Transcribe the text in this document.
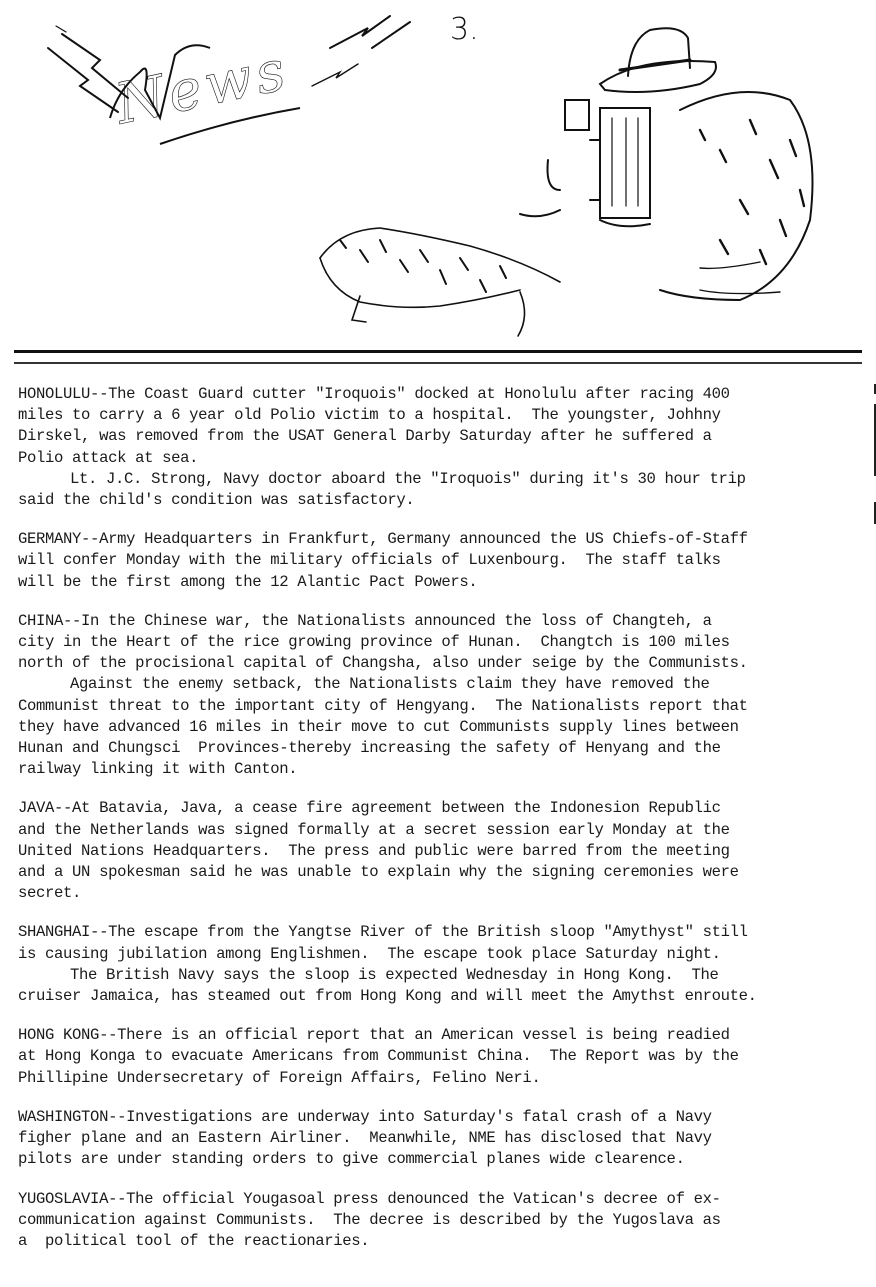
News
3.

HONOLULU--The Coast Guard cutter "Iroquois" docked at Honolulu after racing 400

miles to carry a 6 year old Polio victim to a hospital.  The youngster, Johhny

Dirskel, was removed from the USAT General Darby Saturday after he suffered a

Polio attack at sea.

Lt. J.C. Strong, Navy doctor aboard the "Iroquois" during it's 30 hour trip

said the child's condition was satisfactory.

GERMANY--Army Headquarters in Frankfurt, Germany announced the US Chiefs-of-Staff

will confer Monday with the military officials of Luxenbourg.  The staff talks

will be the first among the 12 Alantic Pact Powers.

CHINA--In the Chinese war, the Nationalists announced the loss of Changteh, a

city in the Heart of the rice growing province of Hunan.  Changtch is 100 miles

north of the procisional capital of Changsha, also under seige by the Communists.

Against the enemy setback, the Nationalists claim they have removed the

Communist threat to the important city of Hengyang.  The Nationalists report that

they have advanced 16 miles in their move to cut Communists supply lines between

Hunan and Chungsci  Provinces-thereby increasing the safety of Henyang and the

railway linking it with Canton.

JAVA--At Batavia, Java, a cease fire agreement between the Indonesion Republic

and the Netherlands was signed formally at a secret session early Monday at the

United Nations Headquarters.  The press and public were barred from the meeting

and a UN spokesman said he was unable to explain why the signing ceremonies were

secret.

SHANGHAI--The escape from the Yangtse River of the British sloop "Amythyst" still

is causing jubilation among Englishmen.  The escape took place Saturday night.

The British Navy says the sloop is expected Wednesday in Hong Kong.  The

cruiser Jamaica, has steamed out from Hong Kong and will meet the Amythst enroute.

HONG KONG--There is an official report that an American vessel is being readied

at Hong Konga to evacuate Americans from Communist China.  The Report was by the

Phillipine Undersecretary of Foreign Affairs, Felino Neri.

WASHINGTON--Investigations are underway into Saturday's fatal crash of a Navy

figher plane and an Eastern Airliner.  Meanwhile, NME has disclosed that Navy

pilots are under standing orders to give commercial planes wide clearence.

YUGOSLAVIA--The official Yougasoal press denounced the Vatican's decree of ex-

communication against Communists.  The decree is described by the Yugoslava as

a  political tool of the reactionaries.
